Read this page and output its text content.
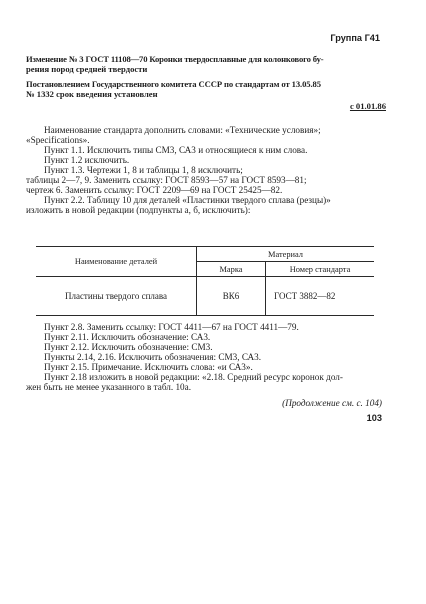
Группа Г41
Изменение № 3 ГОСТ 11108—70 Коронки твердосплавные для колонкового бу-
рения пород средней твердости
Постановлением Государственного комитета СССР по стандартам от 13.05.85
№ 1332 срок введения установлен
с 01.01.86
Наименование стандарта дополнить словами: «Технические условия»;
«Specifications».
Пункт 1.1. Исключить типы СМ3, СА3 и относящиеся к ним слова.
Пункт 1.2 исключить.
Пункт 1.3. Чертежи 1, 8 и таблицы 1, 8 исключить;
таблицы 2—7, 9. Заменить ссылку: ГОСТ 8593—57 на ГОСТ 8593—81;
чертеж 6. Заменить ссылку: ГОСТ 2209—69 на ГОСТ 25425—82.
Пункт 2.2. Таблицу 10 для деталей «Пластинки твердого сплава (резцы)»
изложить в новой редакции (подпункты а, б, исключить):
Наименование деталей	Материал	
	Марка	Номер стандарта
Пластины твердого сплава	ВК6	ГОСТ 3882—82
Пункт 2.8. Заменить ссылку: ГОСТ 4411—67 на ГОСТ 4411—79.
Пункт 2.11. Исключить обозначение: СА3.
Пункт 2.12. Исключить обозначение: СМ3.
Пункты 2.14, 2.16. Исключить обозначения: СМ3, СА3.
Пункт 2.15. Примечание. Исключить слова: «и СА3».
Пункт 2.18 изложить в новой редакции: «2.18. Средний ресурс коронок дол-
жен быть не менее указанного в табл. 10а.
(Продолжение см. с. 104)
103
